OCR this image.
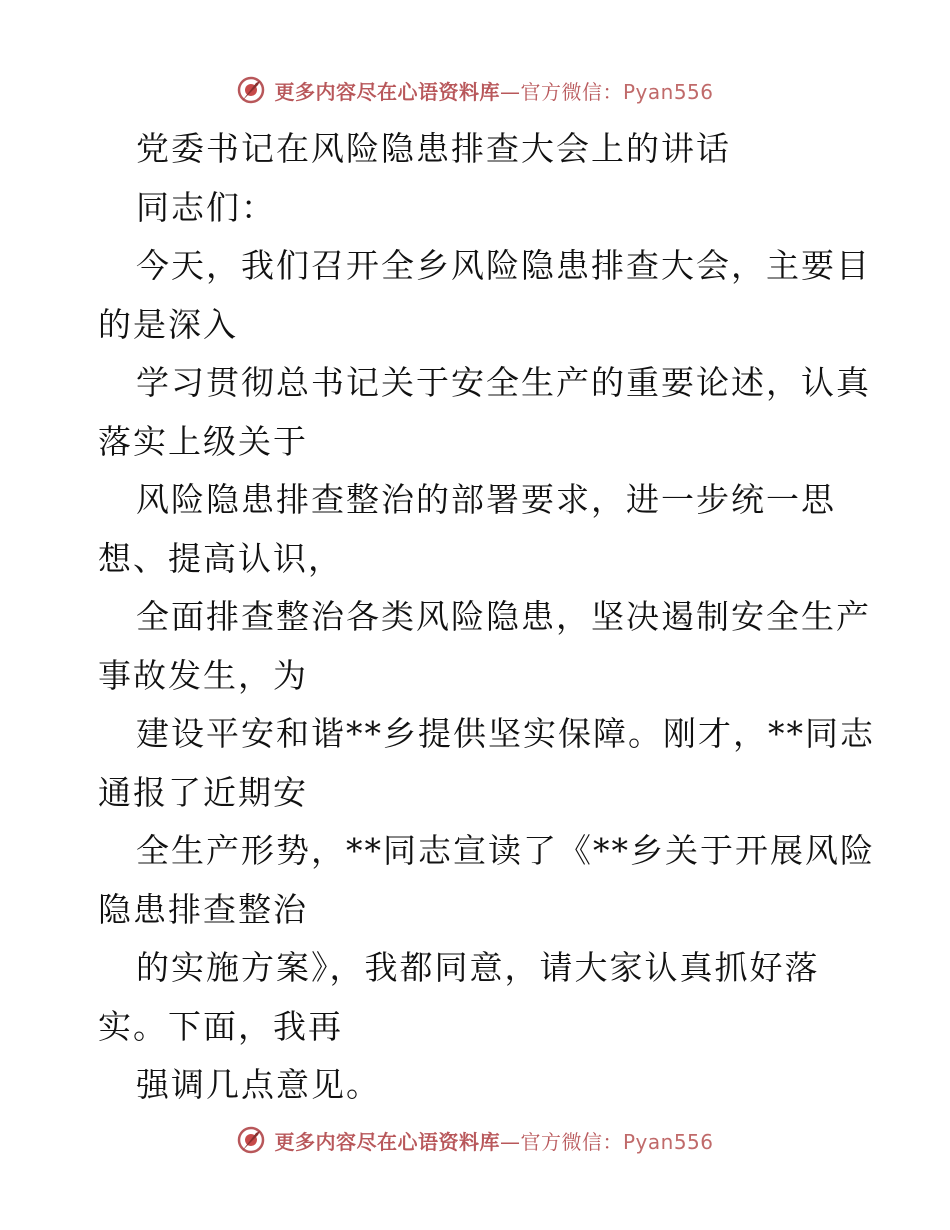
更多内容尽在心语资料库—官方微信：Pyan556

党委书记在风险隐患排查大会上的讲话

同志们：

今天，我们召开全乡风险隐患排查大会，主要目

的是深入

学习贯彻总书记关于安全生产的重要论述，认真

落实上级关于

风险隐患排查整治的部署要求，进一步统一思

想、提高认识，

全面排查整治各类风险隐患，坚决遏制安全生产

事故发生，为

建设平安和谐**乡提供坚实保障。刚才，**同志

通报了近期安

全生产形势，**同志宣读了《**乡关于开展风险

隐患排查整治

的实施方案》，我都同意，请大家认真抓好落

实。下面，我再

强调几点意见。

更多内容尽在心语资料库—官方微信：Pyan556
